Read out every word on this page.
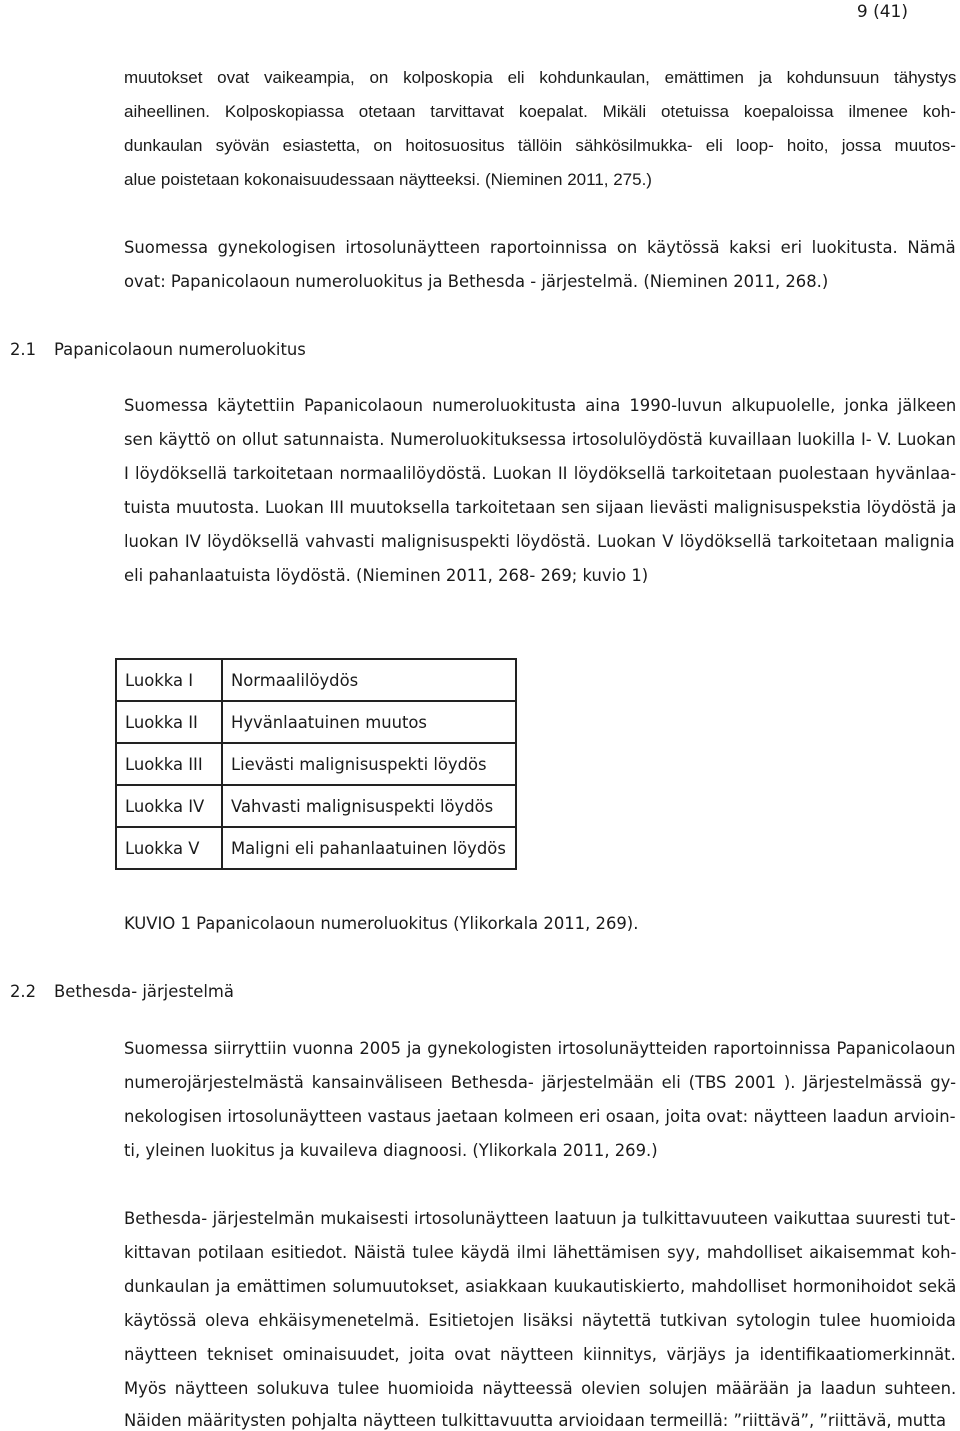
9 (41)
muutokset ovat vaikeampia, on kolposkopia eli kohdunkaulan, emättimen ja kohdunsuun tähystys
aiheellinen. Kolposkopiassa otetaan tarvittavat koepalat. Mikäli otetuissa koepaloissa ilmenee koh-
dunkaulan syövän esiastetta, on hoitosuositus tällöin sähkösilmukka- eli loop- hoito, jossa muutos-
alue poistetaan kokonaisuudessaan näytteeksi. (Nieminen 2011, 275.)
Suomessa gynekologisen irtosolunäytteen raportoinnissa on käytössä kaksi eri luokitusta. Nämä
ovat: Papanicolaoun numeroluokitus ja Bethesda - järjestelmä. (Nieminen 2011, 268.)
2.1 Papanicolaoun numeroluokitus
Suomessa käytettiin Papanicolaoun numeroluokitusta aina 1990-luvun alkupuolelle, jonka jälkeen
sen käyttö on ollut satunnaista. Numeroluokituksessa irtosolulöydöstä kuvaillaan luokilla I- V. Luokan
I löydöksellä tarkoitetaan normaalilöydöstä. Luokan II löydöksellä tarkoitetaan puolestaan hyvänlaa-
tuista muutosta. Luokan III muutoksella tarkoitetaan sen sijaan lievästi malignisuspekstia löydöstä ja
luokan IV löydöksellä vahvasti malignisuspekti löydöstä. Luokan V löydöksellä tarkoitetaan malignia
eli pahanlaatuista löydöstä. (Nieminen 2011, 268- 269; kuvio 1)
Luokka I	Normaalilöydös
Luokka II	Hyvänlaatuinen muutos
Luokka III	Lievästi malignisuspekti löydös
Luokka IV	Vahvasti malignisuspekti löydös
Luokka V	Maligni eli pahanlaatuinen löydös
KUVIO 1 Papanicolaoun numeroluokitus (Ylikorkala 2011, 269).
2.2 Bethesda- järjestelmä
Suomessa siirryttiin vuonna 2005 ja gynekologisten irtosolunäytteiden raportoinnissa Papanicolaoun
numerojärjestelmästä kansainväliseen Bethesda- järjestelmään eli (TBS 2001 ). Järjestelmässä gy-
nekologisen irtosolunäytteen vastaus jaetaan kolmeen eri osaan, joita ovat: näytteen laadun arvioin-
ti, yleinen luokitus ja kuvaileva diagnoosi. (Ylikorkala 2011, 269.)
Bethesda- järjestelmän mukaisesti irtosolunäytteen laatuun ja tulkittavuuteen vaikuttaa suuresti tut-
kittavan potilaan esitiedot. Näistä tulee käydä ilmi lähettämisen syy, mahdolliset aikaisemmat koh-
dunkaulan ja emättimen solumuutokset, asiakkaan kuukautiskierto, mahdolliset hormonihoidot sekä
käytössä oleva ehkäisymenetelmä. Esitietojen lisäksi näytettä tutkivan sytologin tulee huomioida
näytteen tekniset ominaisuudet, joita ovat näytteen kiinnitys, värjäys ja identifikaatiomerkinnät.
Myös näytteen solukuva tulee huomioida näytteessä olevien solujen määrään ja laadun suhteen.
Näiden määritysten pohjalta näytteen tulkittavuutta arvioidaan termeillä: ”riittävä”, ”riittävä, mutta
